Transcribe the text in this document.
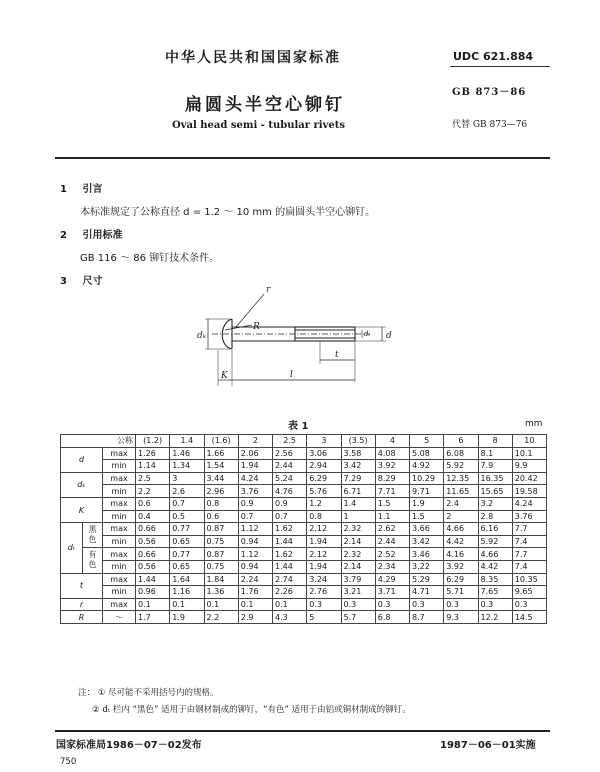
中华人民共和国国家标准	UDC 621.884
扁圆头半空心铆钉
GB 873－86
Oval head semi - tubular rivets	代替 GB 873—76
1 引言
本标准规定了公称直径 d = 1.2 ～ 10 mm 的扁圆头半空心铆钉。
2 引用标准
GB 116 ～ 86 铆钉技术条件。
3 尺寸
r
R
dₖ	d
dₜ
t
K	l
表 1	mm
公称			(1.2)	1.4	(1.6)	2	2.5	3	(3.5)	4	5	6	8	10
d		max	1.26	1.46	1.66	2.06	2.56	3.06	3.58	4.08	5.08	6.08	8.1	10.1
		min	1.14	1.34	1.54	1.94	2.44	2.94	3.42	3.92	4.92	5.92	7.9	9.9
dₖ		max	2.5	3	3.44	4.24	5.24	6.29	7.29	8.29	10.29	12.35	16.35	20.42
		min	2.2	2.6	2.96	3.76	4.76	5.76	6.71	7.71	9.71	11.65	15.65	19.58
K		max	0.6	0.7	0.8	0.9	0.9	1.2	1.4	1.5	1.9	2.4	3.2	4.24
		min	0.4	0.5	0.6	0.7	0.7	0.8	1	1.1	1.5	2	2.8	3.76
dₜ	黑色	max	0.66	0.77	0.87	1.12	1.62	2.12	2.32	2.62	3.66	4.66	6.16	7.7
		min	0.56	0.65	0.75	0.94	1.44	1.94	2.14	2.44	3.42	4.42	5.92	7.4
	有色	max	0.66	0.77	0.87	1.12	1.62	2.12	2.32	2.52	3.46	4.16	4.66	7.7
		min	0.56	0.65	0.75	0.94	1.44	1.94	2.14	2.34	3.22	3.92	4.42	7.4
t		max	1.44	1.64	1.84	2.24	2.74	3.24	3.79	4.29	5.29	6.29	8.35	10.35
		min	0.96	1.16	1.36	1.76	2.26	2.76	3.21	3.71	4.71	5.71	7.65	9.65
r		max	0.1	0.1	0.1	0.1	0.1	0.3	0.3	0.3	0.3	0.3	0.3	0.3
R		～	1.7	1.9	2.2	2.9	4.3	5	5.7	6.8	8.7	9.3	12.2	14.5
注： ① 尽可能不采用括号内的规格。
② dₜ 栏内 “黑色” 适用于由钢材制成的铆钉，“有色” 适用于由铝或铜材制成的铆钉。
国家标准局1986－07－02发布	1987－06－01实施
750
